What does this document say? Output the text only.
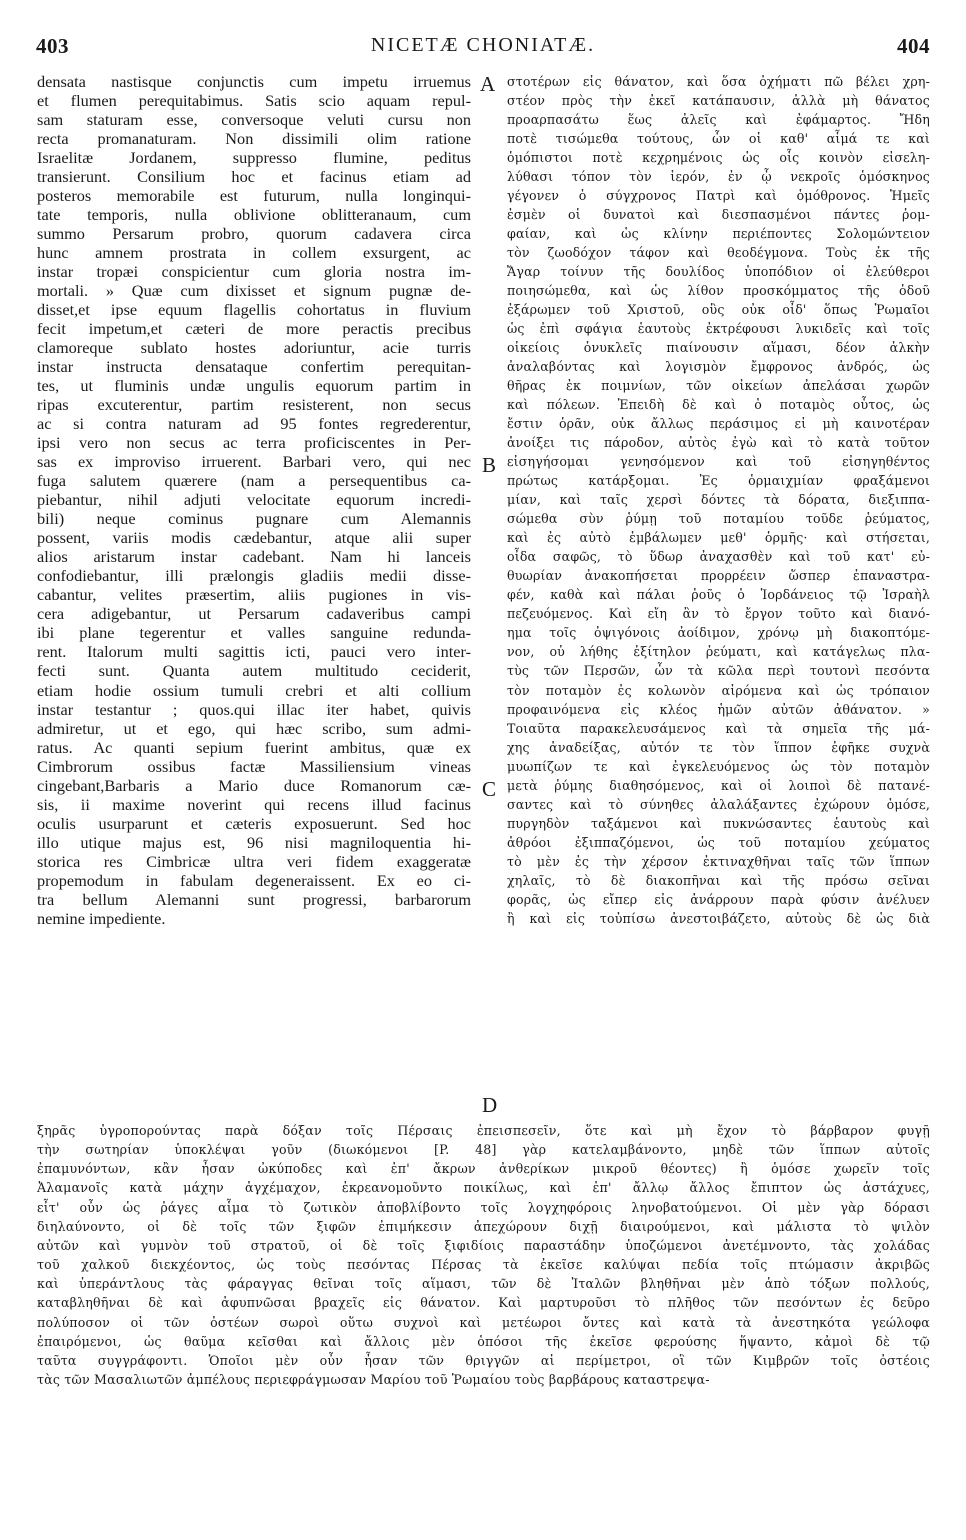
403	NICETÆ CHONIATÆ.	404
densata nastisque conjunctis cum impetu irruemus
et flumen perequitabimus. Satis scio aquam repul-
sam staturam esse, conversoque veluti cursu non
recta promanaturam. Non dissimili olim ratione
Israelitæ Jordanem, suppresso flumine, peditus
transierunt. Consilium hoc et facinus etiam ad
posteros memorabile est futurum, nulla longinqui-
tate temporis, nulla oblivione oblitteranaum, cum
summo Persarum probro, quorum cadavera circa
hunc amnem prostrata in collem exsurgent, ac
instar tropæi conspicientur cum gloria nostra im-
mortali. » Quæ cum dixisset et signum pugnæ de-
disset,et ipse equum flagellis cohortatus in fluvium
fecit impetum,et cæteri de more peractis precibus
clamoreque sublato hostes adoriuntur, acie turris
instar instructa densataque confertim perequitan-
tes, ut fluminis undæ ungulis equorum partim in
ripas excuterentur, partim resisterent, non secus
ac si contra naturam ad 95 fontes regrederentur,
ipsi vero non secus ac terra proficiscentes in Per-
sas ex improviso irruerent. Barbari vero, qui nec
fuga salutem quærere (nam a persequentibus ca-
piebantur, nihil adjuti velocitate equorum incredi-
bili) neque cominus pugnare cum Alemannis
possent, variis modis cædebantur, atque alii super
alios aristarum instar cadebant. Nam hi lanceis
confodiebantur, illi prælongis gladiis medii disse-
cabantur, velites præsertim, aliis pugiones in vis-
cera adigebantur, ut Persarum cadaveribus campi
ibi plane tegerentur et valles sanguine redunda-
rent. Italorum multi sagittis icti, pauci vero inter-
fecti sunt. Quanta autem multitudo ceciderit,
etiam hodie ossium tumuli crebri et alti collium
instar testantur ; quos.qui illac iter habet, quivis
admiretur, ut et ego, qui hæc scribo, sum admi-
ratus. Ac quanti sepium fuerint ambitus, quæ ex
Cimbrorum ossibus factæ Massiliensium vineas
cingebant,Barbaris a Mario duce Romanorum cæ-
sis, ii maxime noverint qui recens illud facinus
oculis usurparunt et cæteris exposuerunt. Sed hoc
illo utique majus est, 96 nisi magniloquentia hi-
storica res Cimbricæ ultra veri fidem exaggeratæ
propemodum in fabulam degeneraissent. Ex eo ci-
tra bellum Alemanni sunt progressi, barbarorum
nemine impediente.
στοτέρων εἰς θάνατον, καὶ ὅσα ὀχήματι πῶ βέλει χρη-
στέον πρὸς τὴν ἐκεῖ κατάπαυσιν, ἀλλὰ μὴ θάνατος
προαρπασάτω ἕως ἀλεῖς καὶ ἐφάμαρτος. Ἤδη
ποτὲ τισώμεθα τούτους, ὧν οἱ καθ' αἷμά τε καὶ
ὁμόπιστοι ποτὲ κεχρημένοις ὡς οἷς κοινὸν εἰσελη-
λύθασι τόπον τὸν ἱερόν, ἐν ᾧ νεκροῖς ὁμόσκηνος
γέγονεν ὁ σύγχρονος Πατρὶ καὶ ὁμόθρονος. Ἡμεῖς
ἐσμὲν οἱ δυνατοὶ καὶ διεσπασμένοι πάντες ῥομ-
φαίαν, καὶ ὡς κλίνην περιέποντες Σολομώντειον
τὸν ζωοδόχον τάφον καὶ θεοδέγμονα. Τοὺς ἐκ τῆς
Ἄγαρ τοίνυν τῆς δουλίδος ὑποπόδιον οἱ ἐλεύθεροι
ποιησώμεθα, καὶ ὡς λίθον προσκόμματος τῆς ὁδοῦ
ἐξάρωμεν τοῦ Χριστοῦ, οὓς οὐκ οἶδ' ὅπως Ῥωμαῖοι
ὡς ἐπὶ σφάγια ἑαυτοὺς ἐκτρέφουσι λυκιδεῖς καὶ τοῖς
οἰκείοις ὀνυκλεῖς πιαίνουσιν αἵμασι, δέον ἀλκὴν
ἀναλαβόντας καὶ λογισμὸν ἔμφρονος ἀνδρός, ὡς
θῆρας ἐκ ποιμνίων, τῶν οἰκείων ἀπελάσαι χωρῶν
καὶ πόλεων. Ἐπειδὴ δὲ καὶ ὁ ποταμὸς οὗτος, ὡς
ἔστιν ὁρᾶν, οὐκ ἄλλως περάσιμος εἰ μὴ καινοτέραν
ἀνοίξει τις πάροδον, αὐτὸς ἐγὼ καὶ τὸ κατὰ τοῦτον
εἰσηγήσομαι γενησόμενον καὶ τοῦ εἰσηγηθέντος
πρώτως κατάρξομαι. Ἐς ὁρμαιχμίαν φραξάμενοι
μίαν, καὶ ταῖς χερσὶ δόντες τὰ δόρατα, διεξιππα-
σώμεθα σὺν ῥύμῃ τοῦ ποταμίου τοῦδε ῥεύματος,
καὶ ἐς αὐτὸ ἐμβάλωμεν μεθ' ὁρμῆς· καὶ στήσεται,
οἶδα σαφῶς, τὸ ὕδωρ ἀναχασθὲν καὶ τοῦ κατ' εὐ-
θυωρίαν ἀνακοπήσεται προρρέειν ὥσπερ ἐπαναστρα-
φέν, καθὰ καὶ πάλαι ῥοῦς ὁ Ἰορδάνειος τῷ Ἰσραὴλ
πεζευόμενος. Καὶ εἴη ἂν τὸ ἔργον τοῦτο καὶ διανό-
ημα τοῖς ὀψιγόνοις ἀοίδιμον, χρόνῳ μὴ διακοπτόμε-
νον, οὐ λήθης ἐξίτηλον ῥεύματι, καὶ κατάγελως πλα-
τὺς τῶν Περσῶν, ὧν τὰ κῶλα περὶ τουτονὶ πεσόντα
τὸν ποταμὸν ἐς κολωνὸν αἰρόμενα καὶ ὡς τρόπαιον
προφαινόμενα εἰς κλέος ἡμῶν αὐτῶν ἀθάνατον. »
Τοιαῦτα παρακελευσάμενος καὶ τὰ σημεῖα τῆς μά-
χης ἀναδείξας, αὐτόν τε τὸν ἵππον ἐφῆκε συχνὰ
μυωπίζων τε καὶ ἐγκελευόμενος ὡς τὸν ποταμὸν
μετὰ ῥύμης διαθησόμενος, καὶ οἱ λοιποὶ δὲ πατανέ-
σαντες καὶ τὸ σύνηθες ἀλαλάξαντες ἐχώρουν ὁμόσε,
πυργηδὸν ταξάμενοι καὶ πυκνώσαντες ἑαυτοὺς καὶ
ἀθρόοι ἐξιππαζόμενοι, ὡς τοῦ ποταμίου χεύματος
τὸ μὲν ἐς τὴν χέρσον ἐκτιναχθῆναι ταῖς τῶν ἵππων
χηλαῖς, τὸ δὲ διακοπῆναι καὶ τῆς πρόσω σεῖναι
φορᾶς, ὡς εἴπερ εἰς ἀνάρρουν παρὰ φύσιν ἀνέλυεν
ἢ καὶ εἰς τοὐπίσω ἀνεστοιβάζετο, αὐτοὺς δὲ ὡς διὰ
A
B
C
D
ξηρᾶς ὑγροπορούντας παρὰ δόξαν τοῖς Πέρσαις ἐπεισπεσεῖν, ὅτε καὶ μὴ ἔχον τὸ βάρβαρον φυγῇ
τὴν σωτηρίαν ὑποκλέψαι γοῦν (διωκόμενοι [P. 48] γὰρ κατελαμβάνοντο, μηδὲ τῶν ἵππων αὐτοῖς
ἐπαμυνόντων, κἂν ἦσαν ὠκύποδες καὶ ἐπ' ἄκρων ἀνθερίκων μικροῦ θέοντες) ἢ ὁμόσε χωρεῖν τοῖς
Ἀλαμανοῖς κατὰ μάχην ἀγχέμαχον, ἐκρεανομοῦντο ποικίλως, καὶ ἐπ' ἄλλῳ ἄλλος ἔπιπτον ὡς ἀστάχυες,
εἶτ' οὖν ὡς ῥάγες αἷμα τὸ ζωτικὸν ἀποβλίβοντο τοῖς λογχηφόροις ληνοβατούμενοι. Οἱ μὲν γὰρ δόρασι
διηλαύνοντο, οἱ δὲ τοῖς τῶν ξιφῶν ἐπιμήκεσιν ἀπεχώρουν διχῇ διαιρούμενοι, καὶ μάλιστα τὸ ψιλὸν
αὐτῶν καὶ γυμνὸν τοῦ στρατοῦ, οἱ δὲ τοῖς ξιφιδίοις παραστάδην ὑποζώμενοι ἀνετέμνοντο, τὰς χολάδας
τοῦ χαλκοῦ διεκχέοντος, ὡς τοὺς πεσόντας Πέρσας τὰ ἐκεῖσε καλύψαι πεδία τοῖς πτώμασιν ἀκριβῶς
καὶ ὑπεράντλους τὰς φάραγγας θεῖναι τοῖς αἵμασι, τῶν δὲ Ἰταλῶν βληθῆναι μὲν ἀπὸ τόξων πολλούς,
καταβληθῆναι δὲ καὶ ἀφυπνῶσαι βραχεῖς εἰς θάνατον. Καὶ μαρτυροῦσι τὸ πλῆθος τῶν πεσόντων ἐς δεῦρο
πολύποσον οἱ τῶν ὀστέων σωροὶ οὕτω συχνοὶ καὶ μετέωροι ὄντες καὶ κατὰ τὰ ἀνεστηκότα γεώλοφα
ἐπαιρόμενοι, ὡς θαῦμα κεῖσθαι καὶ ἄλλοις μὲν ὁπόσοι τῆς ἐκεῖσε φερούσης ἥψαντο, κἀμοὶ δὲ τῷ
ταῦτα συγγράφοντι. Ὁποῖοι μὲν οὖν ἦσαν τῶν θριγγῶν αἱ περίμετροι, οἳ τῶν Κιμβρῶν τοῖς ὀστέοις
τὰς τῶν Μασαλιωτῶν ἀμπέλους περιεφράγμωσαν Μαρίου τοῦ Ῥωμαίου τοὺς βαρβάρους καταστρεψα-
